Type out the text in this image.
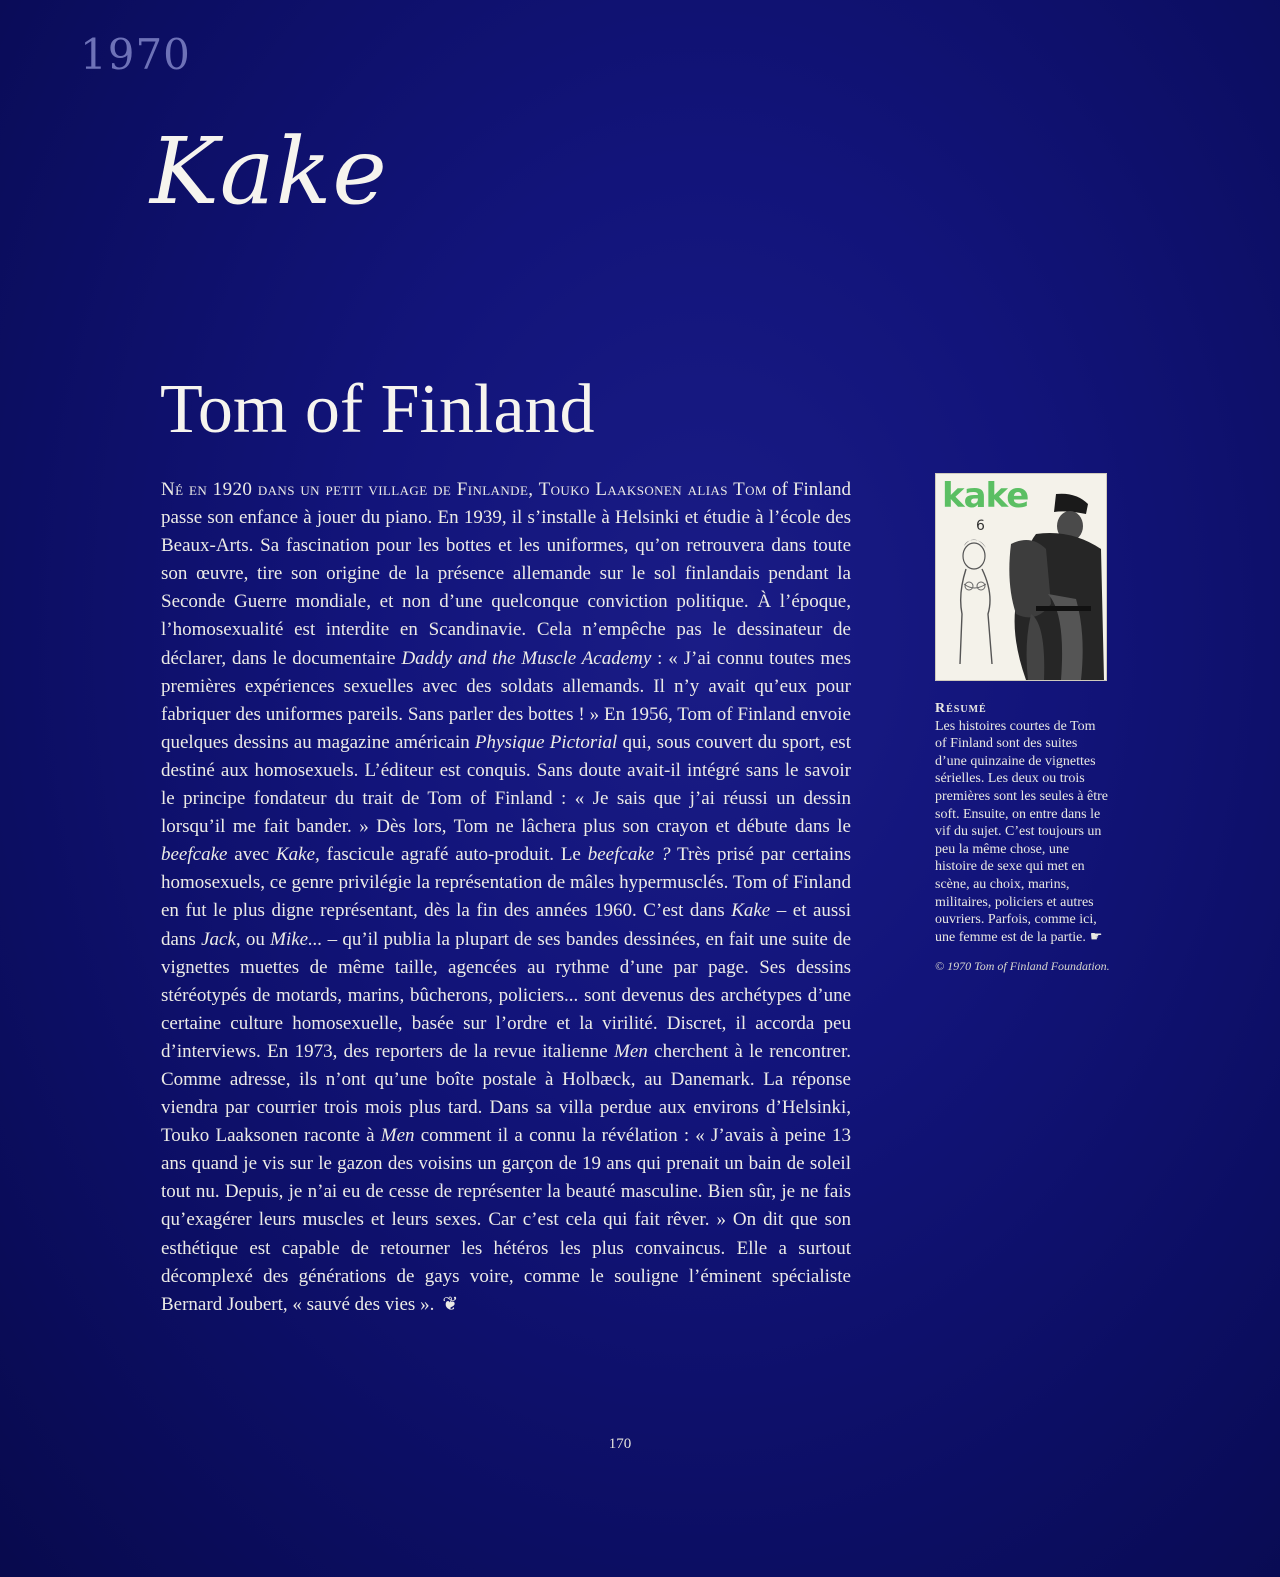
1970
Kake
Tom of Finland
Né en 1920 dans un petit village de Finlande, Touko Laaksonen alias Tom of Finland passe son enfance à jouer du piano. En 1939, il s’installe à Helsinki et étudie à l’école des Beaux-Arts. Sa fascination pour les bottes et les uniformes, qu’on retrouvera dans toute son œuvre, tire son origine de la présence allemande sur le sol finlandais pendant la Seconde Guerre mondiale, et non d’une quelconque conviction politique. À l’époque, l’homosexualité est interdite en Scandinavie. Cela n’empêche pas le dessinateur de déclarer, dans le documentaire Daddy and the Muscle Academy : « J’ai connu toutes mes premières expériences sexuelles avec des soldats allemands. Il n’y avait qu’eux pour fabriquer des uniformes pareils. Sans parler des bottes ! » En 1956, Tom of Finland envoie quelques dessins au magazine américain Physique Pictorial qui, sous couvert du sport, est destiné aux homosexuels. L’éditeur est conquis. Sans doute avait-il intégré sans le savoir le principe fondateur du trait de Tom of Finland : « Je sais que j’ai réussi un dessin lorsqu’il me fait bander. » Dès lors, Tom ne lâchera plus son crayon et débute dans le beefcake avec Kake, fascicule agrafé auto-produit. Le beefcake ? Très prisé par certains homosexuels, ce genre privilégie la représentation de mâles hypermusclés. Tom of Finland en fut le plus digne représentant, dès la fin des années 1960. C’est dans Kake – et aussi dans Jack, ou Mike... – qu’il publia la plupart de ses bandes dessinées, en fait une suite de vignettes muettes de même taille, agencées au rythme d’une par page. Ses dessins stéréotypés de motards, marins, bûcherons, policiers... sont devenus des archétypes d’une certaine culture homosexuelle, basée sur l’ordre et la virilité. Discret, il accorda peu d’interviews. En 1973, des reporters de la revue italienne Men cherchent à le rencontrer. Comme adresse, ils n’ont qu’une boîte postale à Holbæck, au Danemark. La réponse viendra par courrier trois mois plus tard. Dans sa villa perdue aux environs d’Helsinki, Touko Laaksonen raconte à Men comment il a connu la révélation : « J’avais à peine 13 ans quand je vis sur le gazon des voisins un garçon de 19 ans qui prenait un bain de soleil tout nu. Depuis, je n’ai eu de cesse de représenter la beauté masculine. Bien sûr, je ne fais qu’exagérer leurs muscles et leurs sexes. Car c’est cela qui fait rêver. » On dit que son esthétique est capable de retourner les hétéros les plus convaincus. Elle a surtout décomplexé des générations de gays voire, comme le souligne l’éminent spécialiste Bernard Joubert, « sauvé des vies ». ❦
kake
6
Résumé
Les histoires courtes de Tom of Finland sont des suites d’une quinzaine de vignettes sérielles. Les deux ou trois premières sont les seules à être soft. Ensuite, on entre dans le vif du sujet. C’est toujours un peu la même chose, une histoire de sexe qui met en scène, au choix, marins, militaires, policiers et autres ouvriers. Parfois, comme ici, une femme est de la partie. ☛
© 1970 Tom of Finland Foundation.
170
